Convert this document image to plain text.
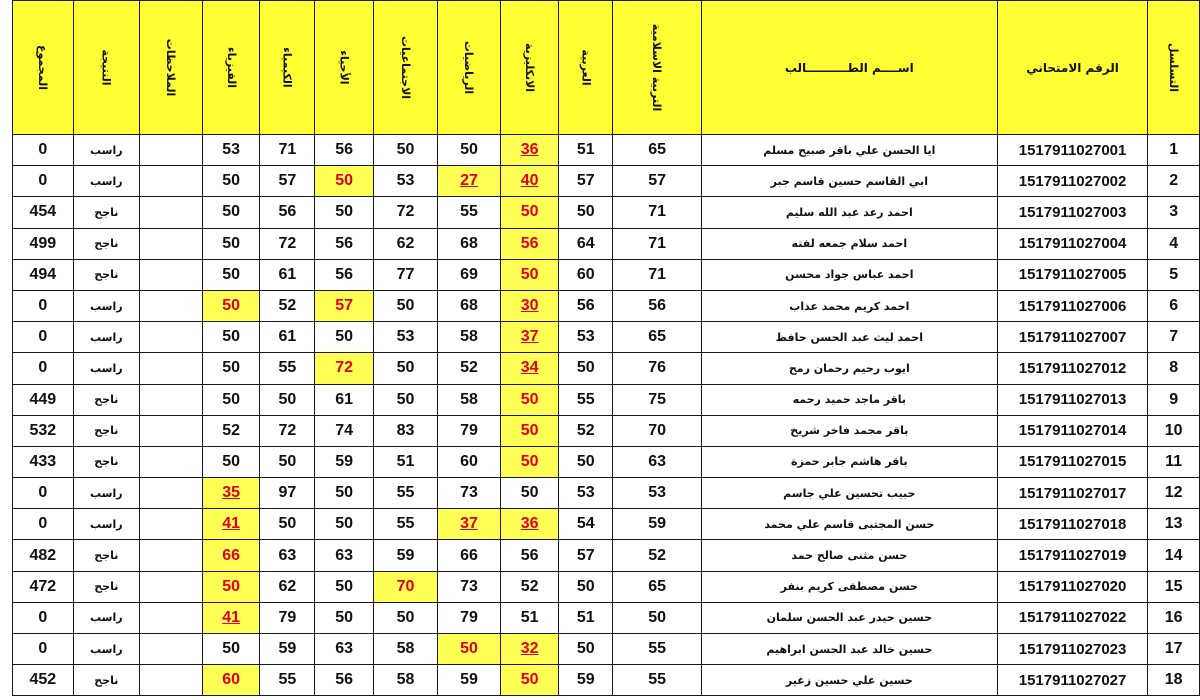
المجموع	النتيجة	الملاحظات	الفيزياء	الكيمياء	الأحياء	الاجتماعيات	الرياضيات	الانكليزية	العربية	التربية الاسلامية	اســــم الطــــــــــالب	الرقم الامتحاني	التسلسل
0	راسب		53	71	56	50	50	36	51	65	ايا الحسن علي باقر صبيح مسلم	1517911027001	1
0	راسب		50	57	50	53	27	40	57	57	ابي القاسم حسين قاسم جبر	1517911027002	2
454	ناجح		50	56	50	72	55	50	50	71	احمد رعد عبد الله سليم	1517911027003	3
499	ناجح		50	72	56	62	68	56	64	71	احمد سلام جمعه لفته	1517911027004	4
494	ناجح		50	61	56	77	69	50	60	71	احمد عباس جواد محسن	1517911027005	5
0	راسب		50	52	57	50	68	30	56	56	احمد كريم محمد عذاب	1517911027006	6
0	راسب		50	61	50	53	58	37	53	65	احمد ليث عبد الحسن حافظ	1517911027007	7
0	راسب		50	55	72	50	52	34	50	76	ايوب رحيم رحمان رمح	1517911027012	8
449	ناجح		50	50	61	50	58	50	55	75	باقر ماجد حميد رحمه	1517911027013	9
532	ناجح		52	72	74	83	79	50	52	70	باقر محمد فاخر شريخ	1517911027014	10
433	ناجح		50	50	59	51	60	50	50	63	باقر هاشم جابر حمزة	1517911027015	11
0	راسب		35	97	50	55	73	50	53	53	حبيب تحسين علي جاسم	1517911027017	12
0	راسب		41	50	50	55	37	36	54	59	حسن المجتبى قاسم علي محمد	1517911027018	13
482	ناجح		66	63	63	59	66	56	57	52	حسن مثنى صالح حمد	1517911027019	14
472	ناجح		50	62	50	70	73	52	50	65	حسن مصطفى كريم بنفر	1517911027020	15
0	راسب		41	79	50	50	79	51	51	50	حسين حيدر عبد الحسن سلمان	1517911027022	16
0	راسب		50	59	63	58	50	32	50	55	حسين خالد عبد الحسن ابراهيم	1517911027023	17
452	ناجح		60	55	56	58	59	50	59	55	حسين علي حسين زغير	1517911027027	18
